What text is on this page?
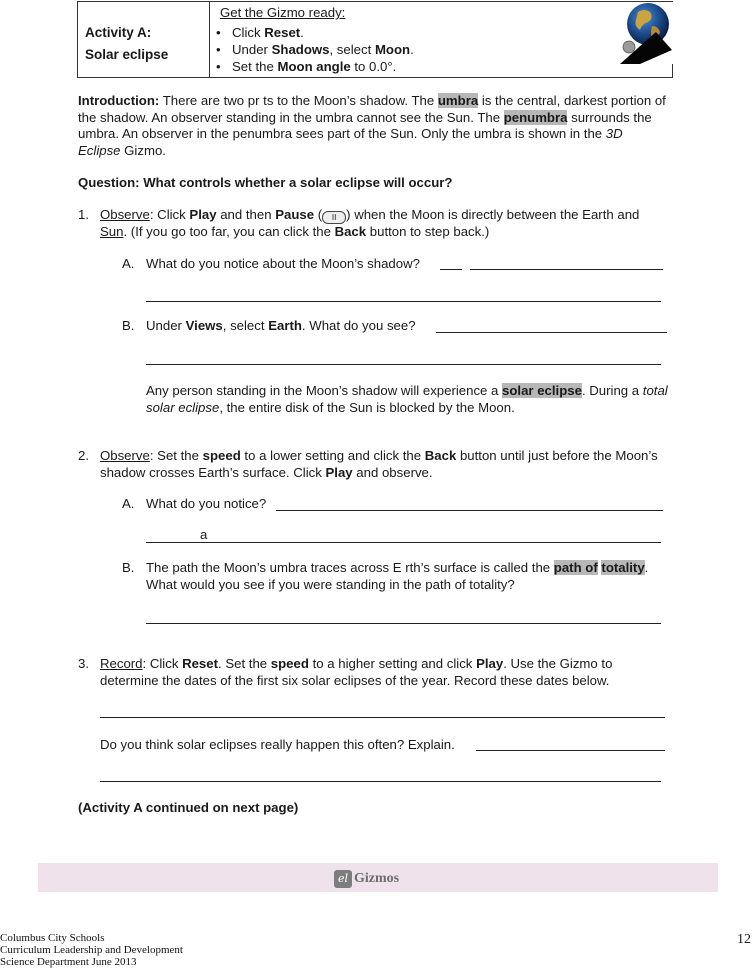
Activity A:
Solar eclipse
Get the Gizmo ready:
• Click Reset.
• Under Shadows, select Moon.
• Set the Moon angle to 0.0°.
Introduction: There are two pr ts to the Moon’s shadow. The umbra is the central, darkest portion of the shadow. An observer standing in the umbra cannot see the Sun. The penumbra surrounds the umbra. An observer in the penumbra sees part of the Sun. Only the umbra is shown in the 3D Eclipse Gizmo.
Question: What controls whether a solar eclipse will occur?
1. Observe: Click Play and then Pause ( II ) when the Moon is directly between the Earth and Sun. (If you go too far, you can click the Back button to step back.)
A. What do you notice about the Moon’s shadow?
B. Under Views, select Earth. What do you see?
Any person standing in the Moon’s shadow will experience a solar eclipse. During a total solar eclipse, the entire disk of the Sun is blocked by the Moon.
2. Observe: Set the speed to a lower setting and click the Back button until just before the Moon’s shadow crosses Earth’s surface. Click Play and observe.
A. What do you notice?
a
B. The path the Moon’s umbra traces across E rth’s surface is called the path of totality. What would you see if you were standing in the path of totality?
3. Record: Click Reset. Set the speed to a higher setting and click Play. Use the Gizmo to determine the dates of the first six solar eclipses of the year. Record these dates below.
Do you think solar eclipses really happen this often? Explain.
(Activity A continued on next page)
el Gizmos
Columbus City Schools
Curriculum Leadership and Development
Science Department June 2013
12
